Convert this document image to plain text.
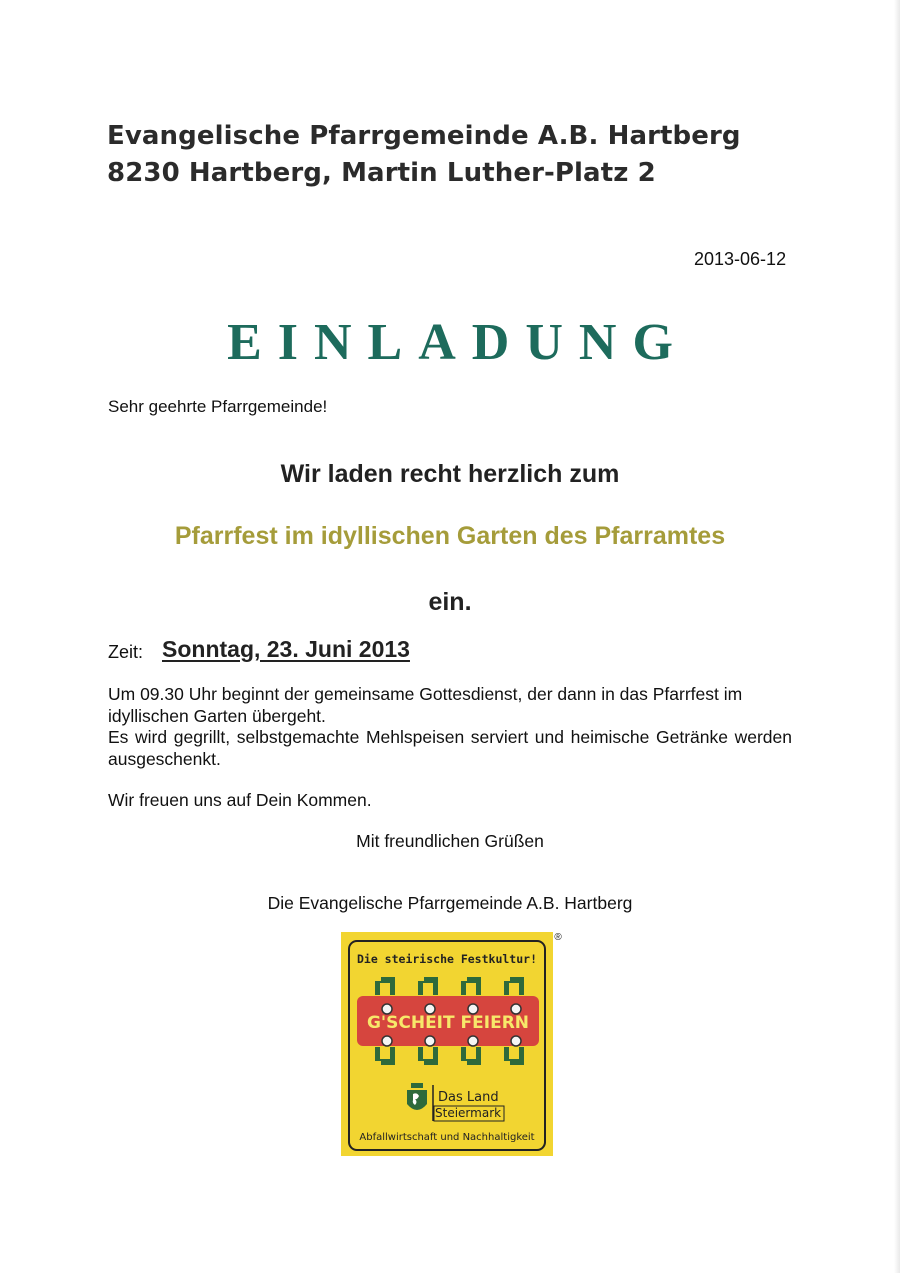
Evangelische Pfarrgemeinde A.B. Hartberg
8230 Hartberg, Martin Luther-Platz 2
2013-06-12
EINLADUNG
Sehr geehrte Pfarrgemeinde!
Wir laden recht herzlich zum
Pfarrfest im idyllischen Garten des Pfarramtes
ein.
Zeit: Sonntag, 23. Juni 2013

Um 09.30 Uhr beginnt der gemeinsame Gottesdienst, der dann in das Pfarrfest im idyllischen Garten übergeht.

Es wird gegrillt, selbstgemachte Mehlspeisen serviert und heimische Getränke werden ausgeschenkt.

Wir freuen uns auf Dein Kommen.
Mit freundlichen Grüßen
Die Evangelische Pfarrgemeinde A.B. Hartberg
®
Die steirische Festkultur!
G'SCHEIT FEIERN
Das Land
Steiermark
Abfallwirtschaft und Nachhaltigkeit
